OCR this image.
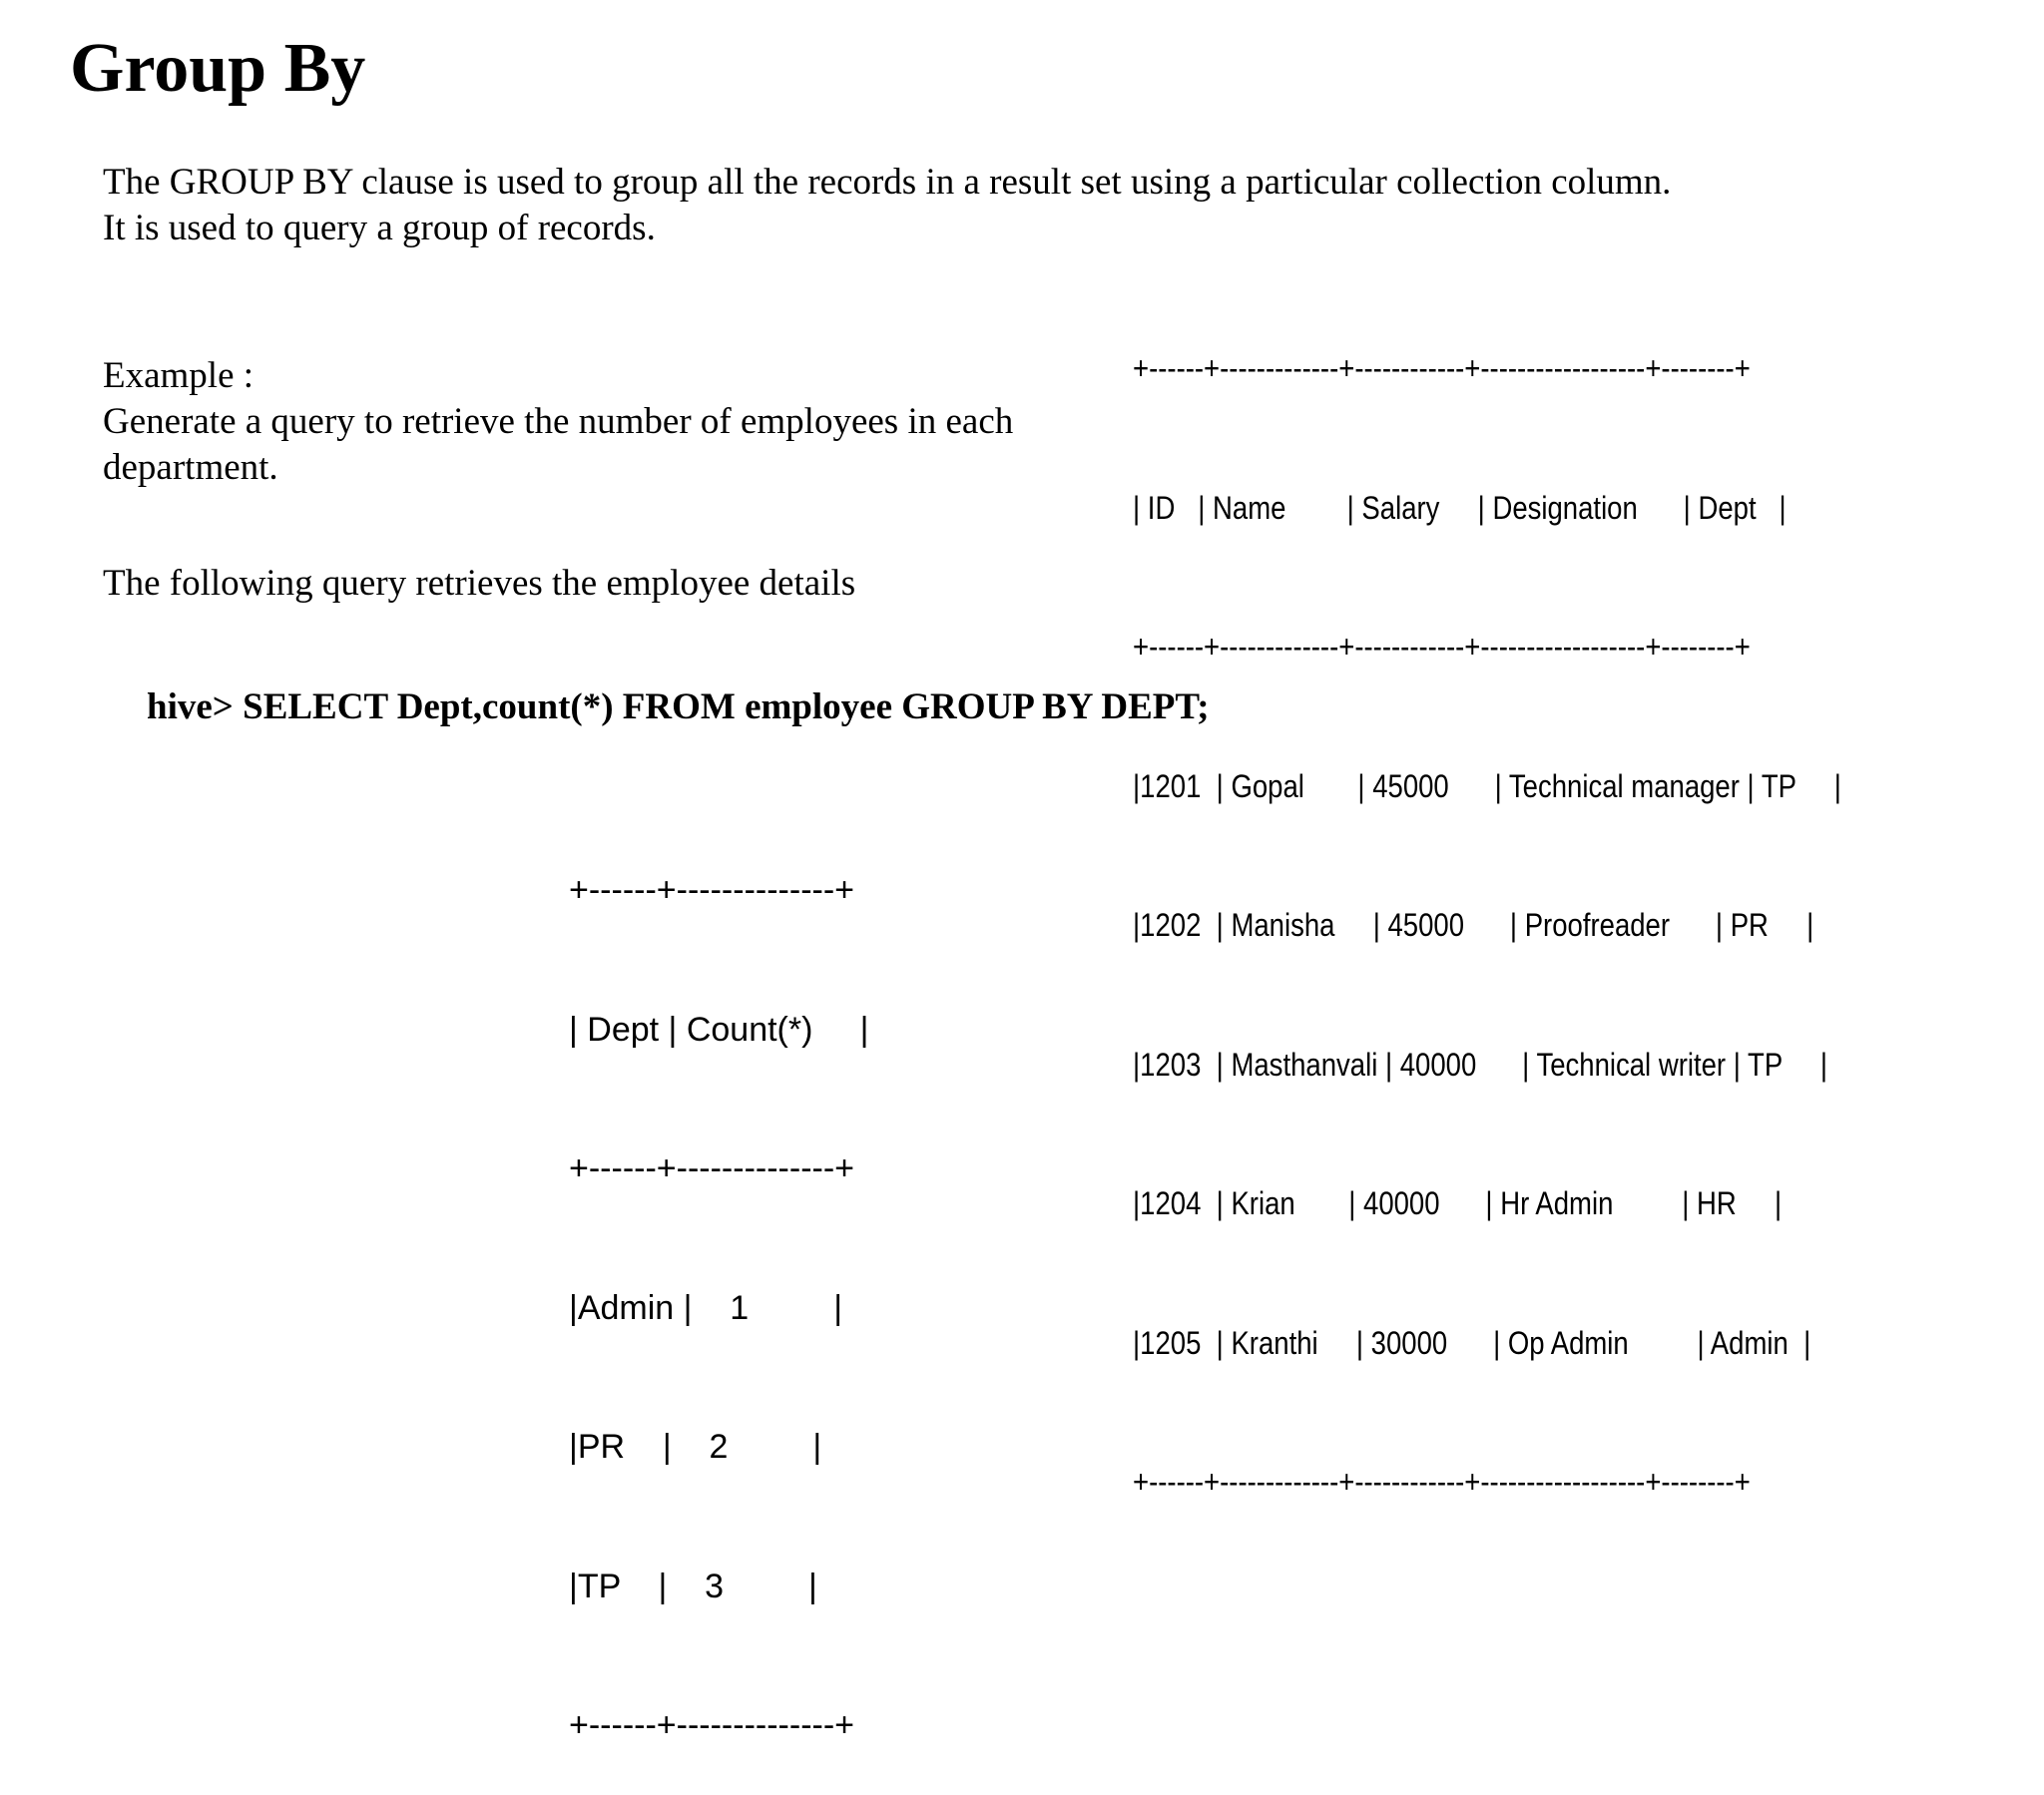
Group By
The GROUP BY clause is used to group all the records in a result set using a particular collection column. It is used to query a group of records.
Example :
Generate a query to retrieve the number of employees in each department.
The following query retrieves the employee details
hive> SELECT Dept,count(*) FROM employee GROUP BY DEPT;

+------+-------------+------------+------------------+--------+

| ID   | Name        | Salary     | Designation      | Dept   |

+------+-------------+------------+------------------+--------+

|1201  | Gopal       | 45000      | Technical manager | TP     |

|1202  | Manisha     | 45000      | Proofreader      | PR     |

|1203  | Masthanvali | 40000      | Technical writer | TP     |

|1204  | Krian       | 40000      | Hr Admin         | HR     |

|1205  | Kranthi     | 30000      | Op Admin         | Admin  |

+------+-------------+------------+------------------+--------+

+------+--------------+

| Dept | Count(*)     |

+------+--------------+

|Admin |    1         |

|PR    |    2         |

|TP    |    3         |

+------+--------------+
